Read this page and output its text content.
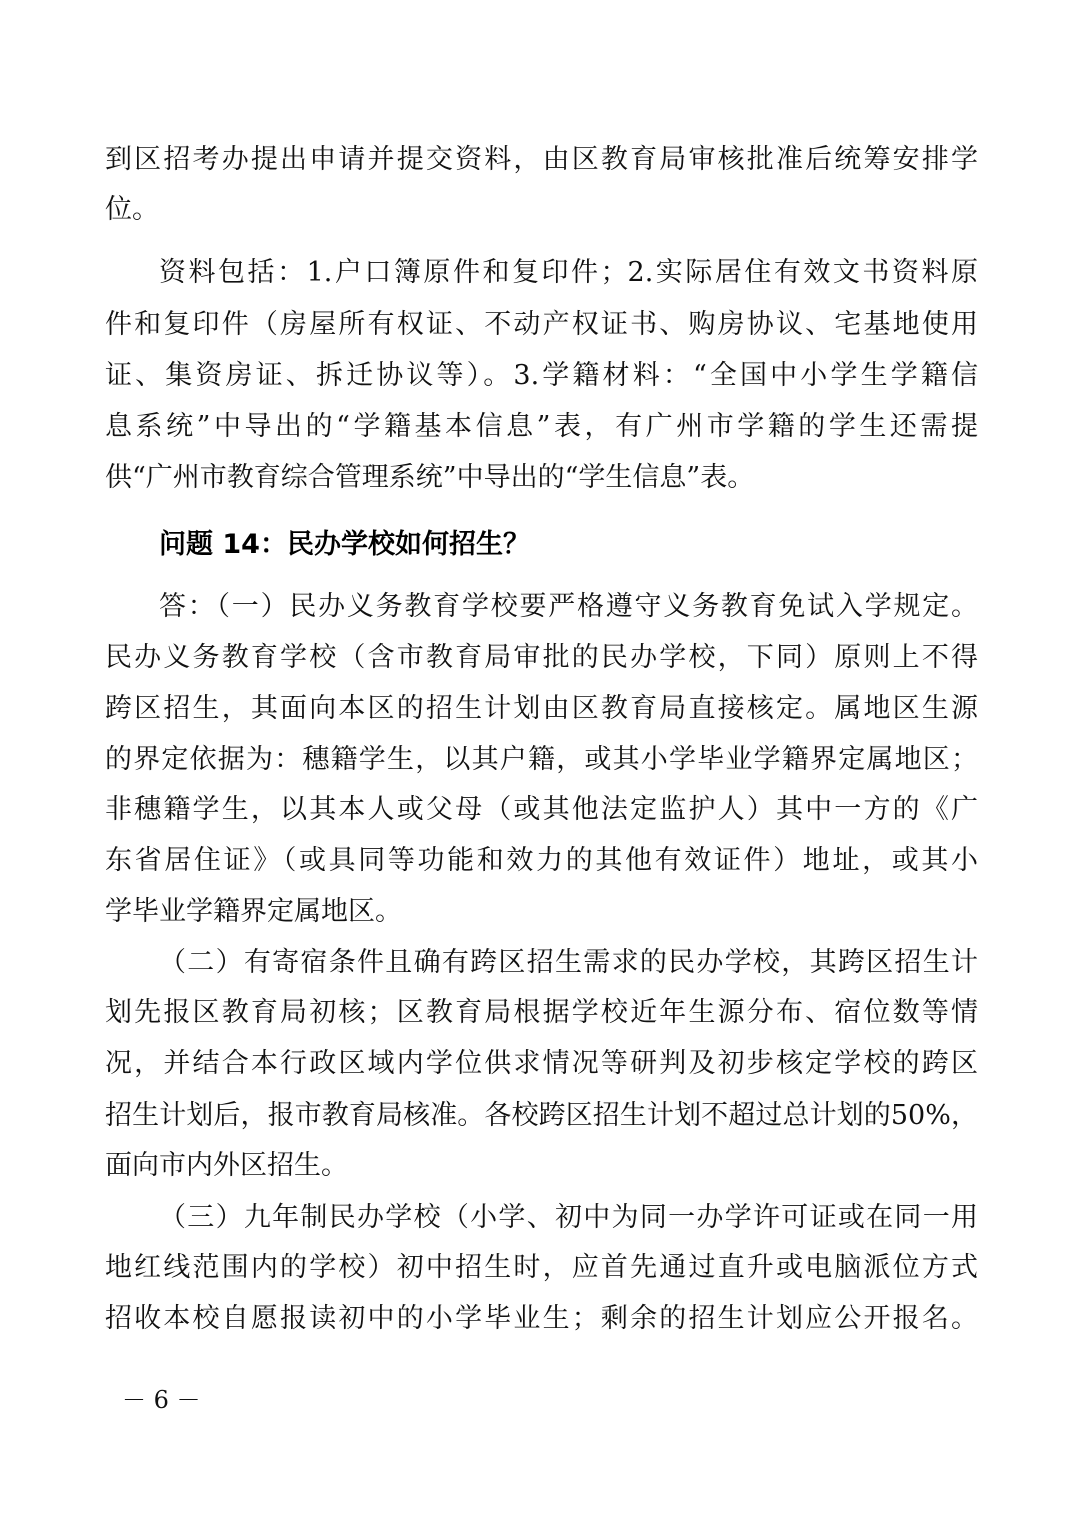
到区招考办提出申请并提交资料，由区教育局审核批准后统筹安排学

位。

资料包括：1.户口簿原件和复印件；2.实际居住有效文书资料原

件和复印件（房屋所有权证、不动产权证书、购房协议、宅基地使用

证、集资房证、拆迁协议等）。3.学籍材料：“全国中小学生学籍信

息系统”中导出的“学籍基本信息”表，有广州市学籍的学生还需提

供“广州市教育综合管理系统”中导出的“学生信息”表。

问题 14：民办学校如何招生？

答：（一）民办义务教育学校要严格遵守义务教育免试入学规定。

民办义务教育学校（含市教育局审批的民办学校，下同）原则上不得

跨区招生，其面向本区的招生计划由区教育局直接核定。属地区生源

的界定依据为：穗籍学生，以其户籍，或其小学毕业学籍界定属地区；

非穗籍学生，以其本人或父母（或其他法定监护人）其中一方的《广

东省居住证》（或具同等功能和效力的其他有效证件）地址，或其小

学毕业学籍界定属地区。

（二）有寄宿条件且确有跨区招生需求的民办学校，其跨区招生计

划先报区教育局初核；区教育局根据学校近年生源分布、宿位数等情

况，并结合本行政区域内学位供求情况等研判及初步核定学校的跨区

招生计划后，报市教育局核准。各校跨区招生计划不超过总计划的50%，

面向市内外区招生。

（三）九年制民办学校（小学、初中为同一办学许可证或在同一用

地红线范围内的学校）初中招生时，应首先通过直升或电脑派位方式

招收本校自愿报读初中的小学毕业生；剩余的招生计划应公开报名。

－ 6 －
